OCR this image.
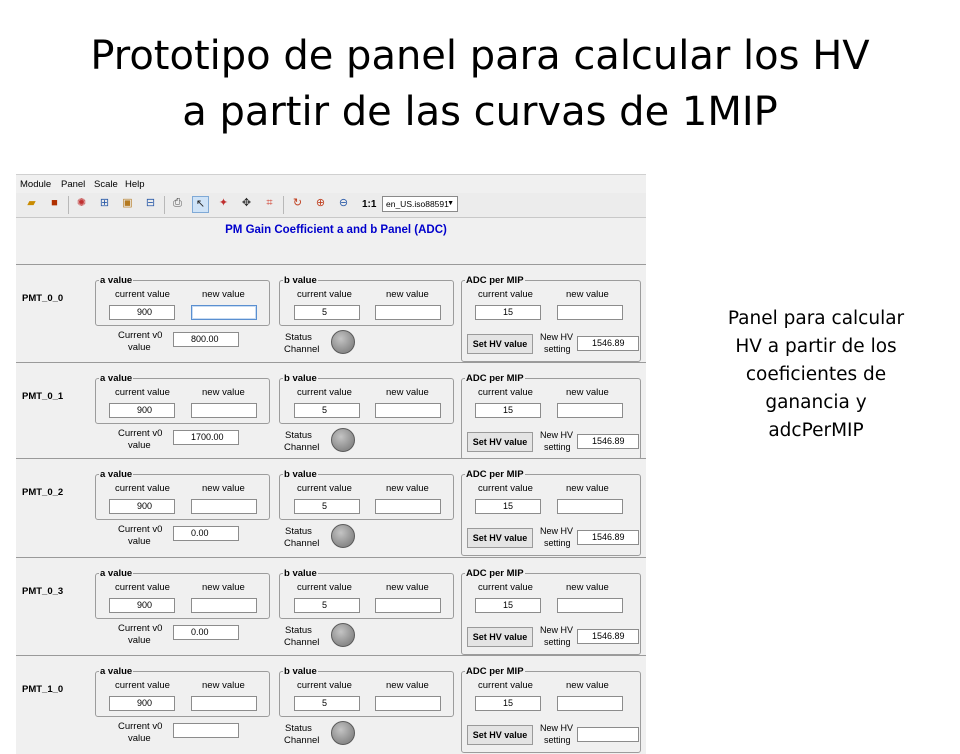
Prototipo de panel para calcular los HV
a partir de las curvas de 1MIP
Panel para calcular
HV a partir de los
coeficientes de
ganancia y
adcPerMIP
Module Panel Scale Help
▰	■	✺	⊞	▣	⊟	⎙	↖	✦	✥	⌗	↻	⊕	⊖	1:1	en_US.iso88591
▼
PM Gain Coefficient a and b Panel (ADC)
PMT_0_0
a value
current value	new value
900
b value
current value	new value
5
ADC per MIP
current value	new value
15
Set HV value
New HV
setting
1546.89
Current v0
value
800.00	Status
Channel
PMT_0_1
a value
current value	new value
900
b value
current value	new value
5
ADC per MIP
current value	new value
15
Set HV value
New HV
setting
1546.89
Current v0
value
1700.00	Status
Channel
PMT_0_2
a value
current value	new value
900
b value
current value	new value
5
ADC per MIP
current value	new value
15
Set HV value
New HV
setting
1546.89
Current v0
value
0.00	Status
Channel
PMT_0_3
a value
current value	new value
900
b value
current value	new value
5
ADC per MIP
current value	new value
15
Set HV value
New HV
setting
1546.89
Current v0
value
0.00	Status
Channel
PMT_1_0
a value
current value	new value
900
b value
current value	new value
5
ADC per MIP
current value	new value
15
Set HV value
New HV
setting
Current v0
value
Status
Channel
